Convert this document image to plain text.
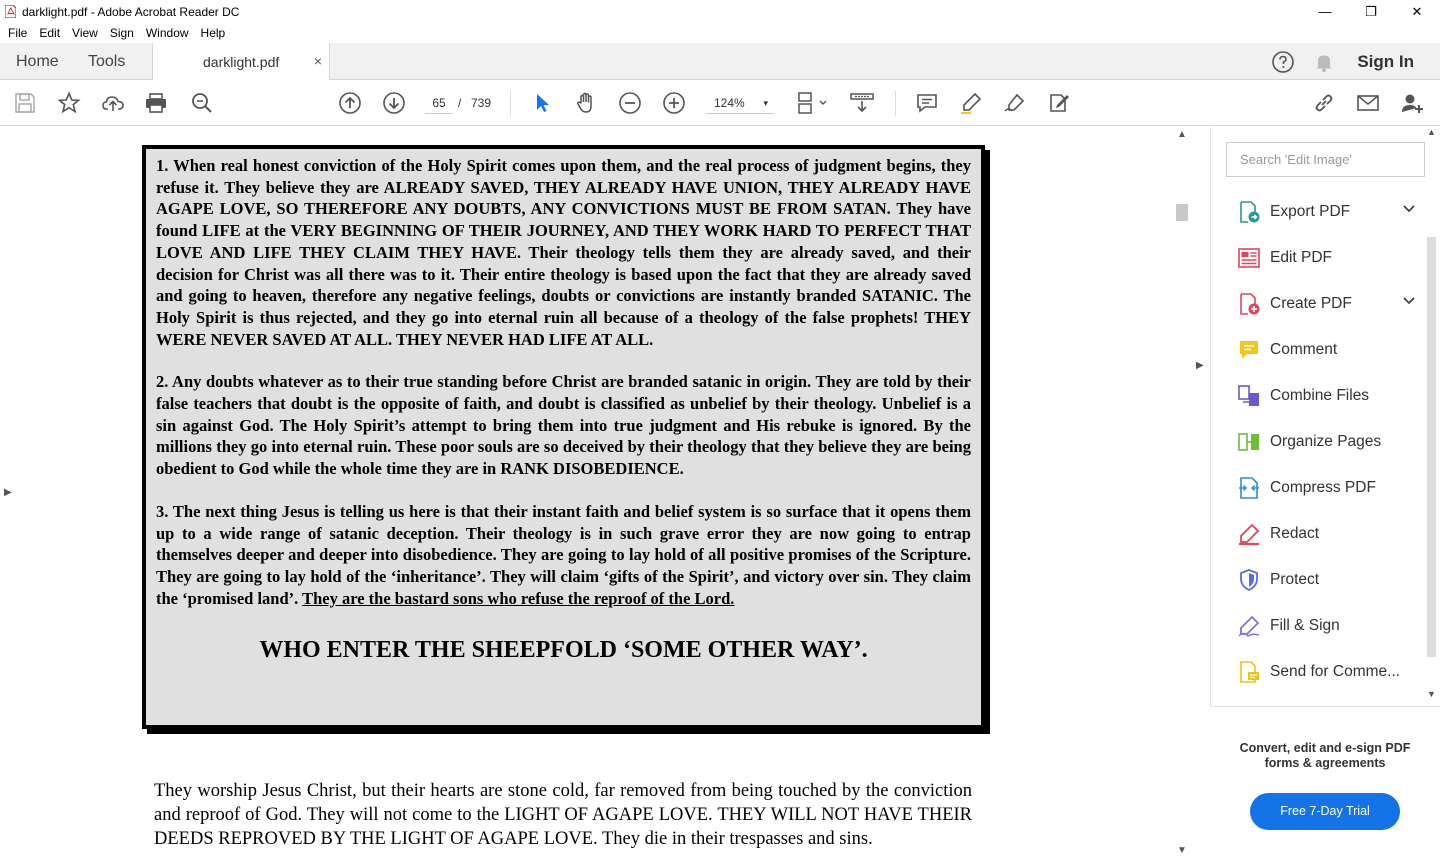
darklight.pdf - Adobe Acrobat Reader DC	—	❐	✕
File Edit View Sign Window Help
Home Tools	darklight.pdf ×	Sign In
65	/ 739	124% ▾
▶

1. When real honest conviction of the Holy Spirit comes upon them, and the real process of judgment begins, they refuse it. They believe they are ALREADY SAVED, THEY ALREADY HAVE UNION, THEY ALREADY HAVE AGAPE LOVE, SO THEREFORE ANY DOUBTS, ANY CONVICTIONS MUST BE FROM SATAN. They have found LIFE at the VERY BEGINNING OF THEIR JOURNEY, AND THEY WORK HARD TO PERFECT THAT LOVE AND LIFE THEY CLAIM THEY HAVE. Their theology tells them they are already saved, and their decision for Christ was all there was to it. Their entire theology is based upon the fact that they are already saved and going to heaven, therefore any negative feelings, doubts or convictions are instantly branded SATANIC. The Holy Spirit is thus rejected, and they go into eternal ruin all because of a theology of the false prophets! THEY WERE NEVER SAVED AT ALL. THEY NEVER HAD LIFE AT ALL.

2. Any doubts whatever as to their true standing before Christ are branded satanic in origin. They are told by their false teachers that doubt is the opposite of faith, and doubt is classified as unbelief by their theology. Unbelief is a sin against God. The Holy Spirit’s attempt to bring them into true judgment and His rebuke is ignored. By the millions they go into eternal ruin. These poor souls are so deceived by their theology that they believe they are being obedient to God while the whole time they are in RANK DISOBEDIENCE.

3. The next thing Jesus is telling us here is that their instant faith and belief system is so surface that it opens them up to a wide range of satanic deception. Their theology is in such grave error they are now going to entrap themselves deeper and deeper into disobedience. They are going to lay hold of all positive promises of the Scripture. They are going to lay hold of the ‘inheritance’. They will claim ‘gifts of the Spirit’, and victory over sin. They claim the ‘promised land’. They are the bastard sons who refuse the reproof of the Lord.

WHO ENTER THE SHEEPFOLD ‘SOME OTHER WAY’.
They worship Jesus Christ, but their hearts are stone cold, far removed from being touched by the conviction and reproof of God. They will not come to the LIGHT OF AGAPE LOVE. THEY WILL NOT HAVE THEIR DEEDS REPROVED BY THE LIGHT OF AGAPE LOVE. They die in their trespasses and sins.
▲
▼
▶
Search 'Edit Image'
Export PDF
Edit PDF
Create PDF
Comment
Combine Files
Organize Pages
Compress PDF
Redact
Protect
Fill & Sign
Send for Comme...
▲
▼
Convert, edit and e-sign PDF forms & agreements
Free 7-Day Trial
